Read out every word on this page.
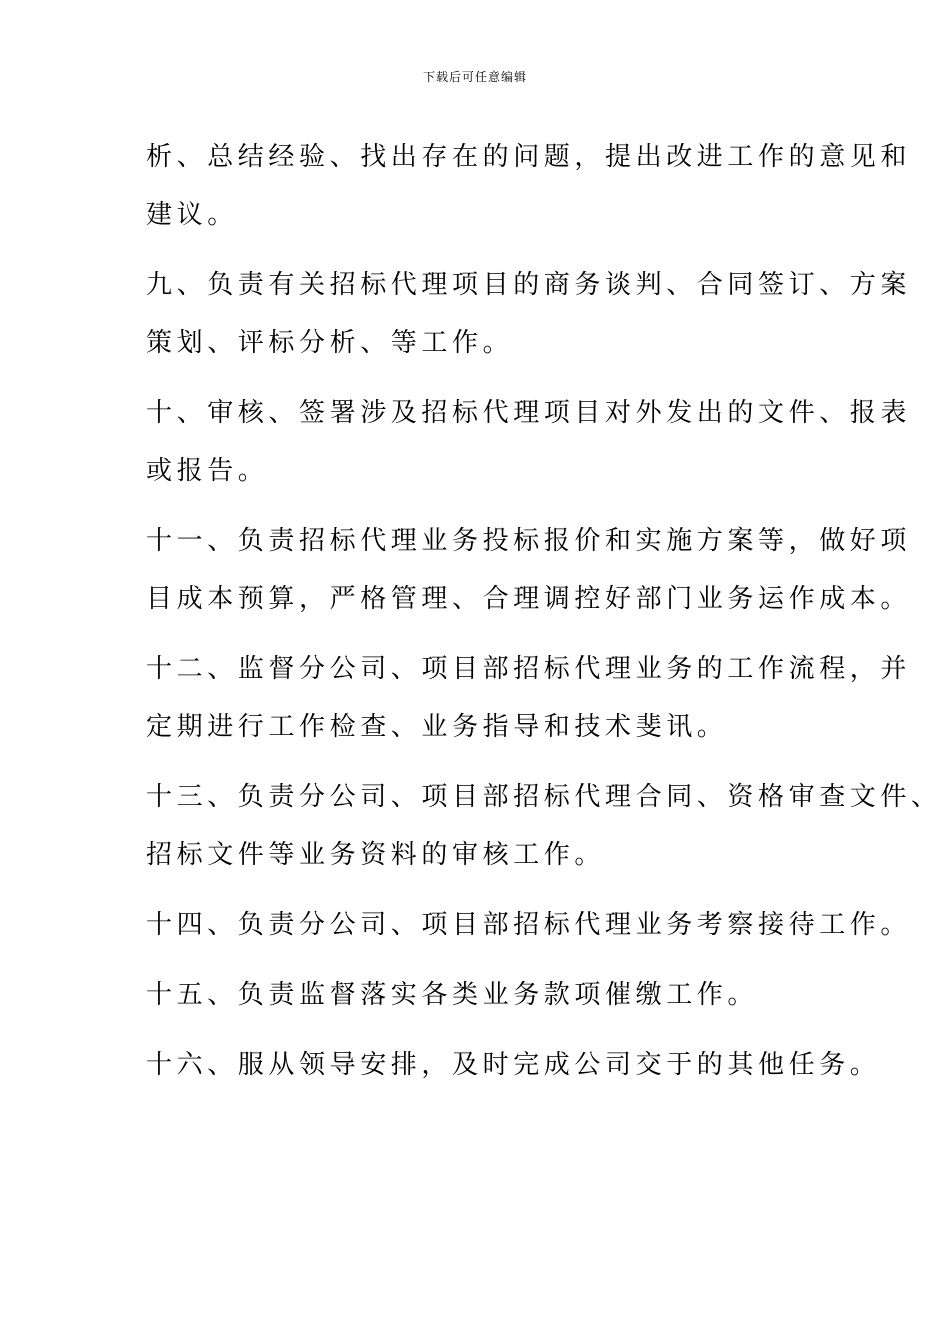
下载后可任意编辑
析、总结经验、找出存在的问题，提出改进工作的意见和
建议。
九、负责有关招标代理项目的商务谈判、合同签订、方案
策划、评标分析、等工作。
十、审核、签署涉及招标代理项目对外发出的文件、报表
或报告。
十一、负责招标代理业务投标报价和实施方案等，做好项
目成本预算，严格管理、合理调控好部门业务运作成本。
十二、监督分公司、项目部招标代理业务的工作流程，并
定期进行工作检查、业务指导和技术斐讯。
十三、负责分公司、项目部招标代理合同、资格审查文件、
招标文件等业务资料的审核工作。
十四、负责分公司、项目部招标代理业务考察接待工作。
十五、负责监督落实各类业务款项催缴工作。
十六、服从领导安排，及时完成公司交于的其他任务。
